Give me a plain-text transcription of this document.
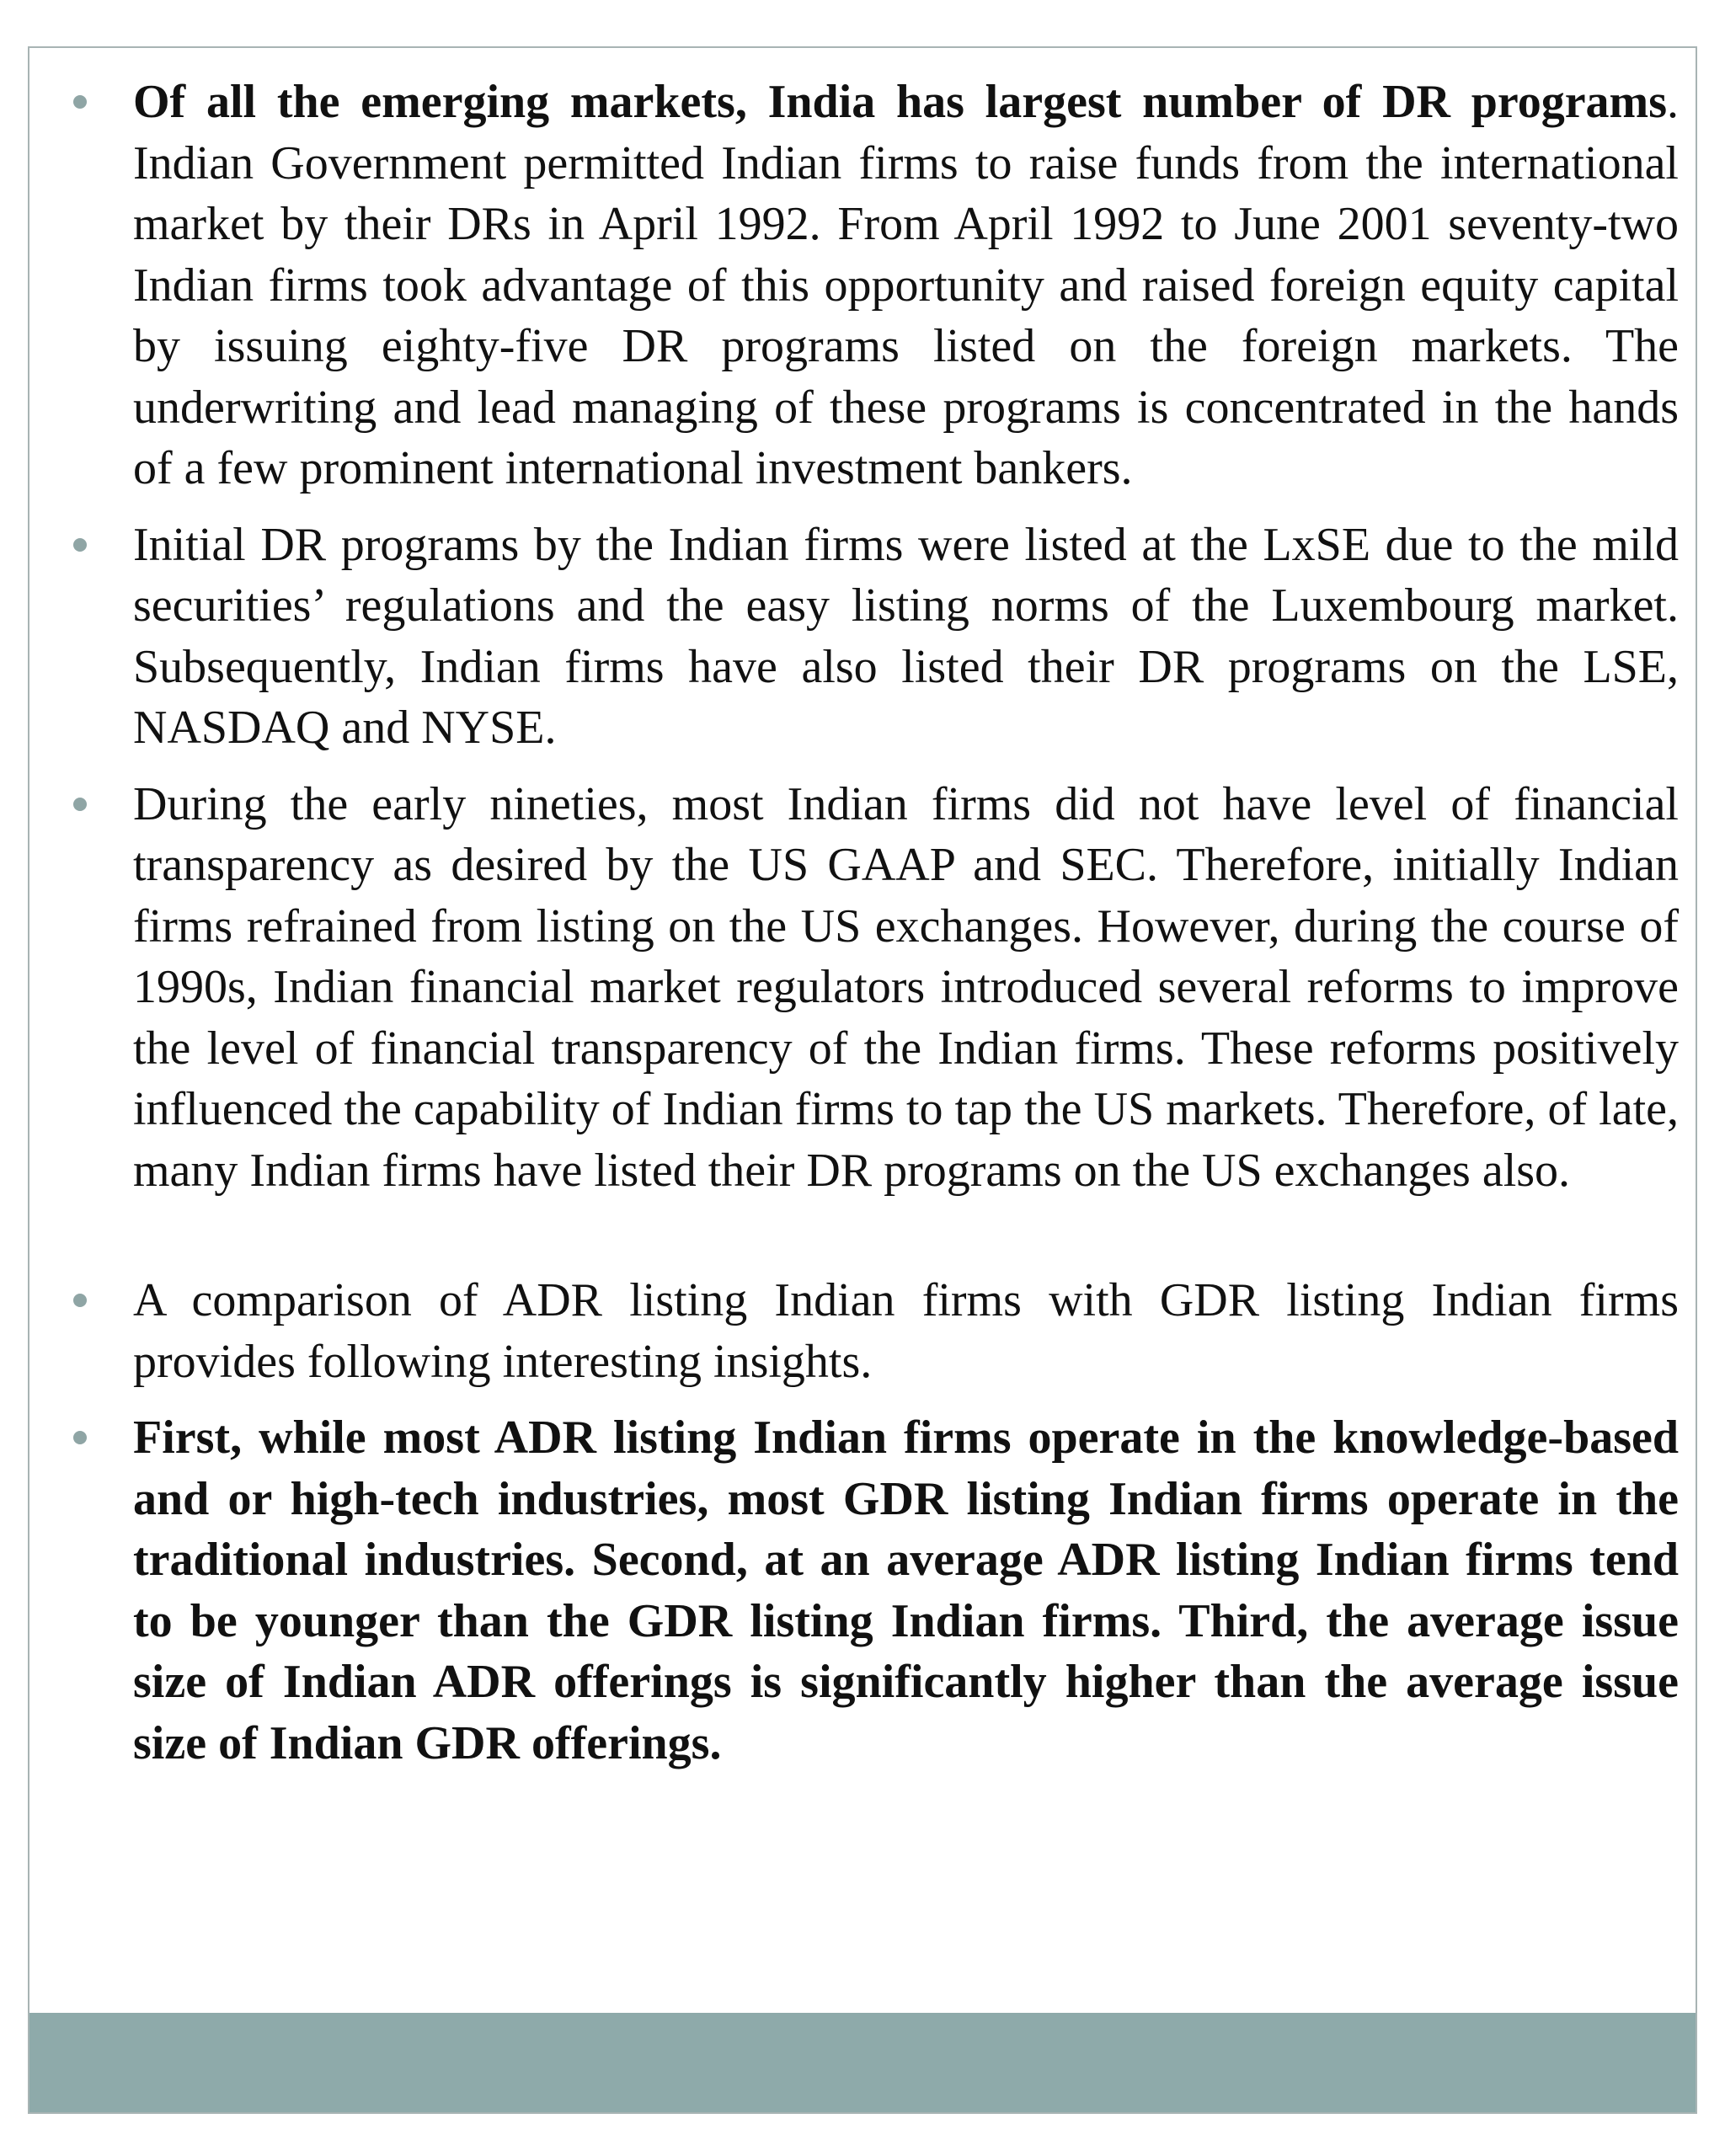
Of all the emerging markets, India has largest number of DR programs. Indian Government permitted Indian firms to raise funds from the international market by their DRs in April 1992. From April 1992 to June 2001 seventy-two Indian firms took advantage of this opportunity and raised foreign equity capital by issuing eighty-five DR programs listed on the foreign markets. The underwriting and lead managing of these programs is concentrated in the hands of a few prominent international investment bankers.
Initial DR programs by the Indian firms were listed at the LxSE due to the mild securities’ regulations and the easy listing norms of the Luxembourg market. Subsequently, Indian firms have also listed their DR programs on the LSE, NASDAQ and NYSE.
During the early nineties, most Indian firms did not have level of financial transparency as desired by the US GAAP and SEC. Therefore, initially Indian firms refrained from listing on the US exchanges. However, during the course of 1990s, Indian financial market regulators introduced several reforms to improve the level of financial transparency of the Indian firms. These reforms positively influenced the capability of Indian firms to tap the US markets. Therefore, of late, many Indian firms have listed their DR programs on the US exchanges also.
A comparison of ADR listing Indian firms with GDR listing Indian firms provides following interesting insights.
First, while most ADR listing Indian firms operate in the knowledge-based and or high-tech industries, most GDR listing Indian firms operate in the traditional industries. Second, at an average ADR listing Indian firms tend to be younger than the GDR listing Indian firms. Third, the average issue size of Indian ADR offerings is significantly higher than the average issue size of Indian GDR offerings.
